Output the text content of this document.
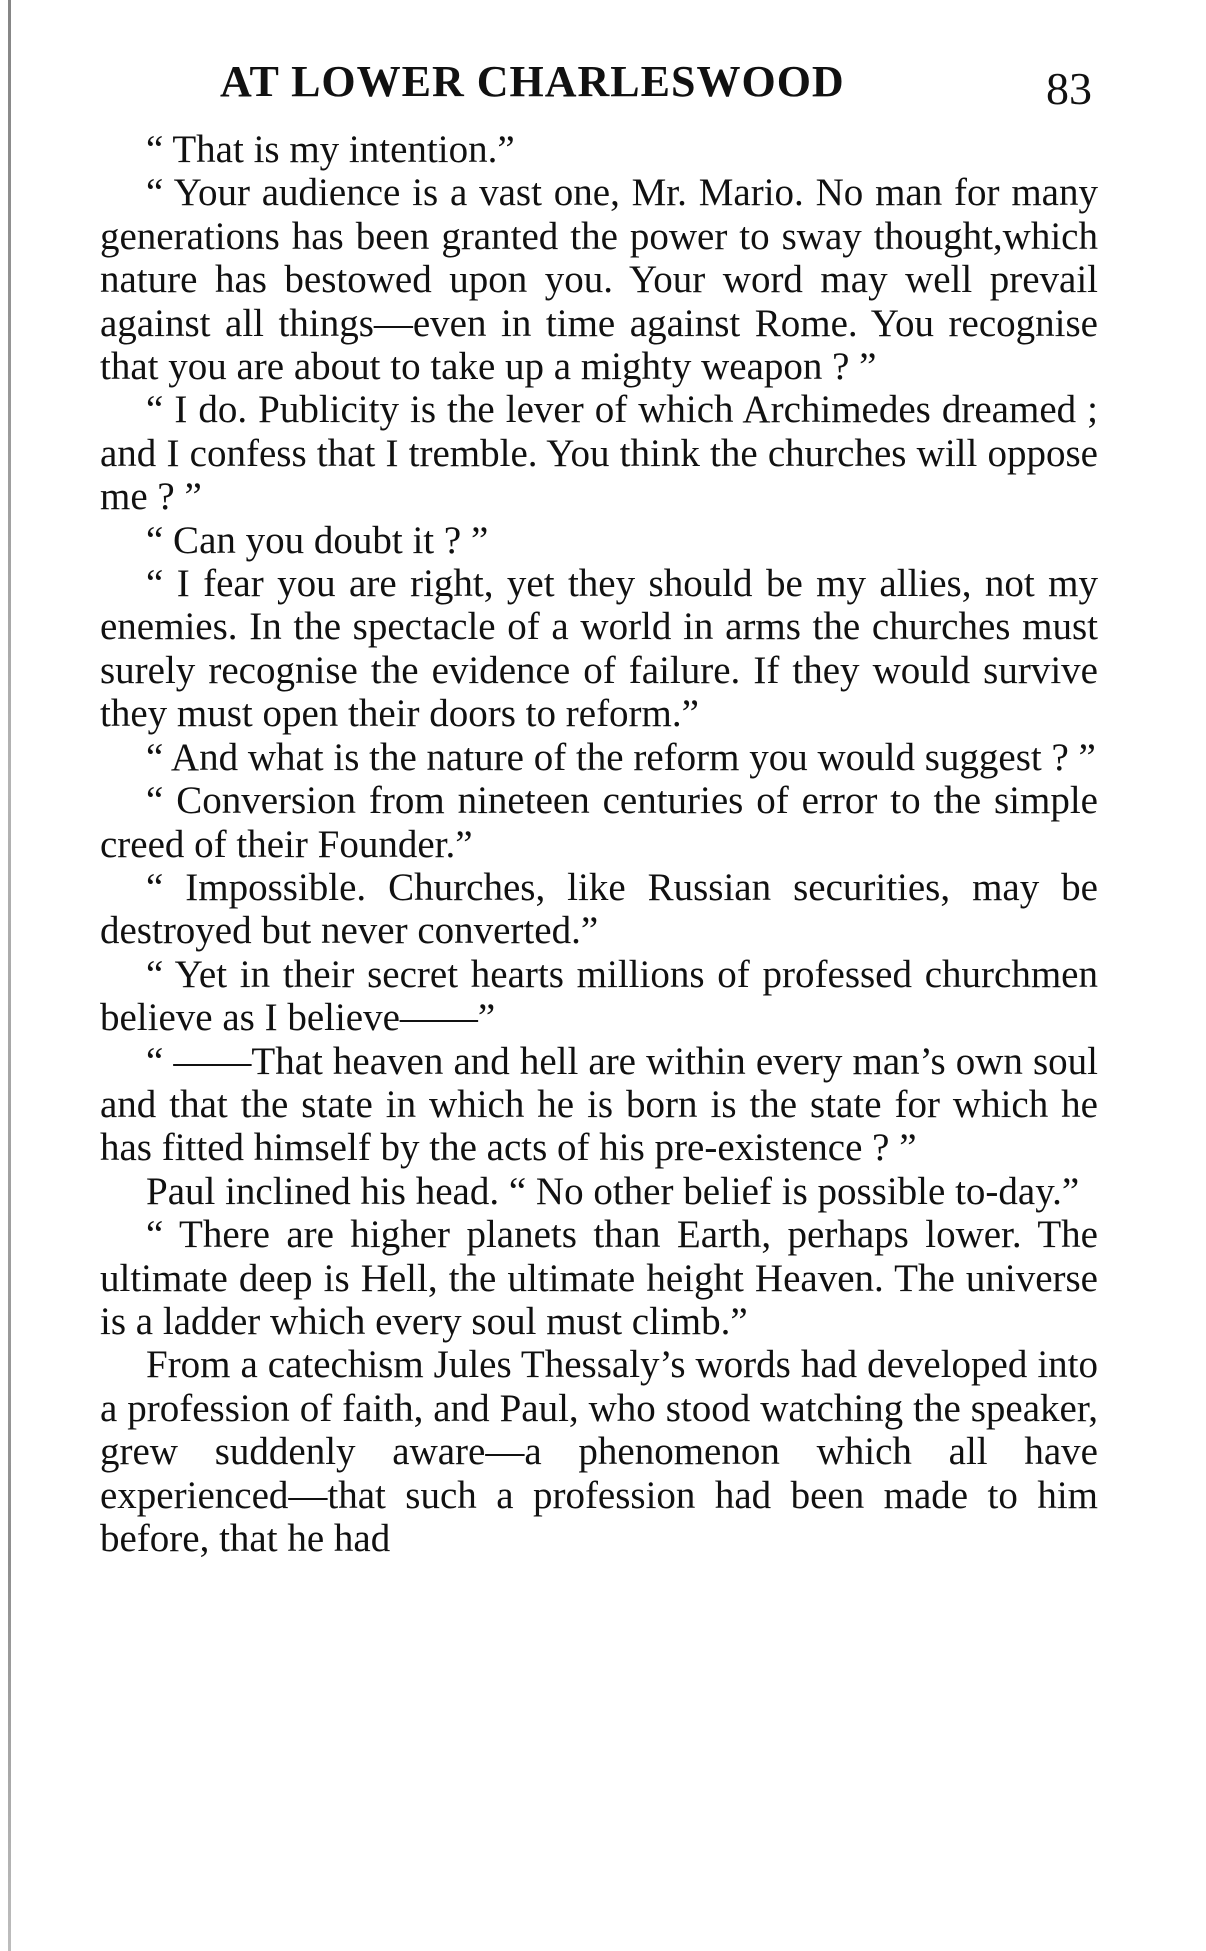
AT LOWER CHARLESWOOD	83

“ That is my intention.”

“ Your audience is a vast one, Mr. Mario. No man for many generations has been granted the power to sway thought,which nature has bestowed upon you. Your word may well prevail against all things—even in time against Rome. You recognise that you are about to take up a mighty weapon ? ”

“ I do. Publicity is the lever of which Archimedes dreamed ; and I confess that I tremble. You think the churches will oppose me ? ”

“ Can you doubt it ? ”

“ I fear you are right, yet they should be my allies, not my enemies. In the spectacle of a world in arms the churches must surely recognise the evidence of failure. If they would survive they must open their doors to reform.”

“ And what is the nature of the reform you would suggest ? ”

“ Conversion from nineteen centuries of error to the simple creed of their Founder.”

“ Impossible. Churches, like Russian securities, may be destroyed but never converted.”

“ Yet in their secret hearts millions of professed churchmen believe as I believe——”

“ ——That heaven and hell are within every man’s own soul and that the state in which he is born is the state for which he has fitted himself by the acts of his pre-existence ? ”

Paul inclined his head. “ No other belief is possible to-day.”

“ There are higher planets than Earth, perhaps lower. The ultimate deep is Hell, the ultimate height Heaven. The universe is a ladder which every soul must climb.”

From a catechism Jules Thessaly’s words had developed into a profession of faith, and Paul, who stood watching the speaker, grew suddenly aware—a phenomenon which all have experienced—that such a profession had been made to him before, that he had
